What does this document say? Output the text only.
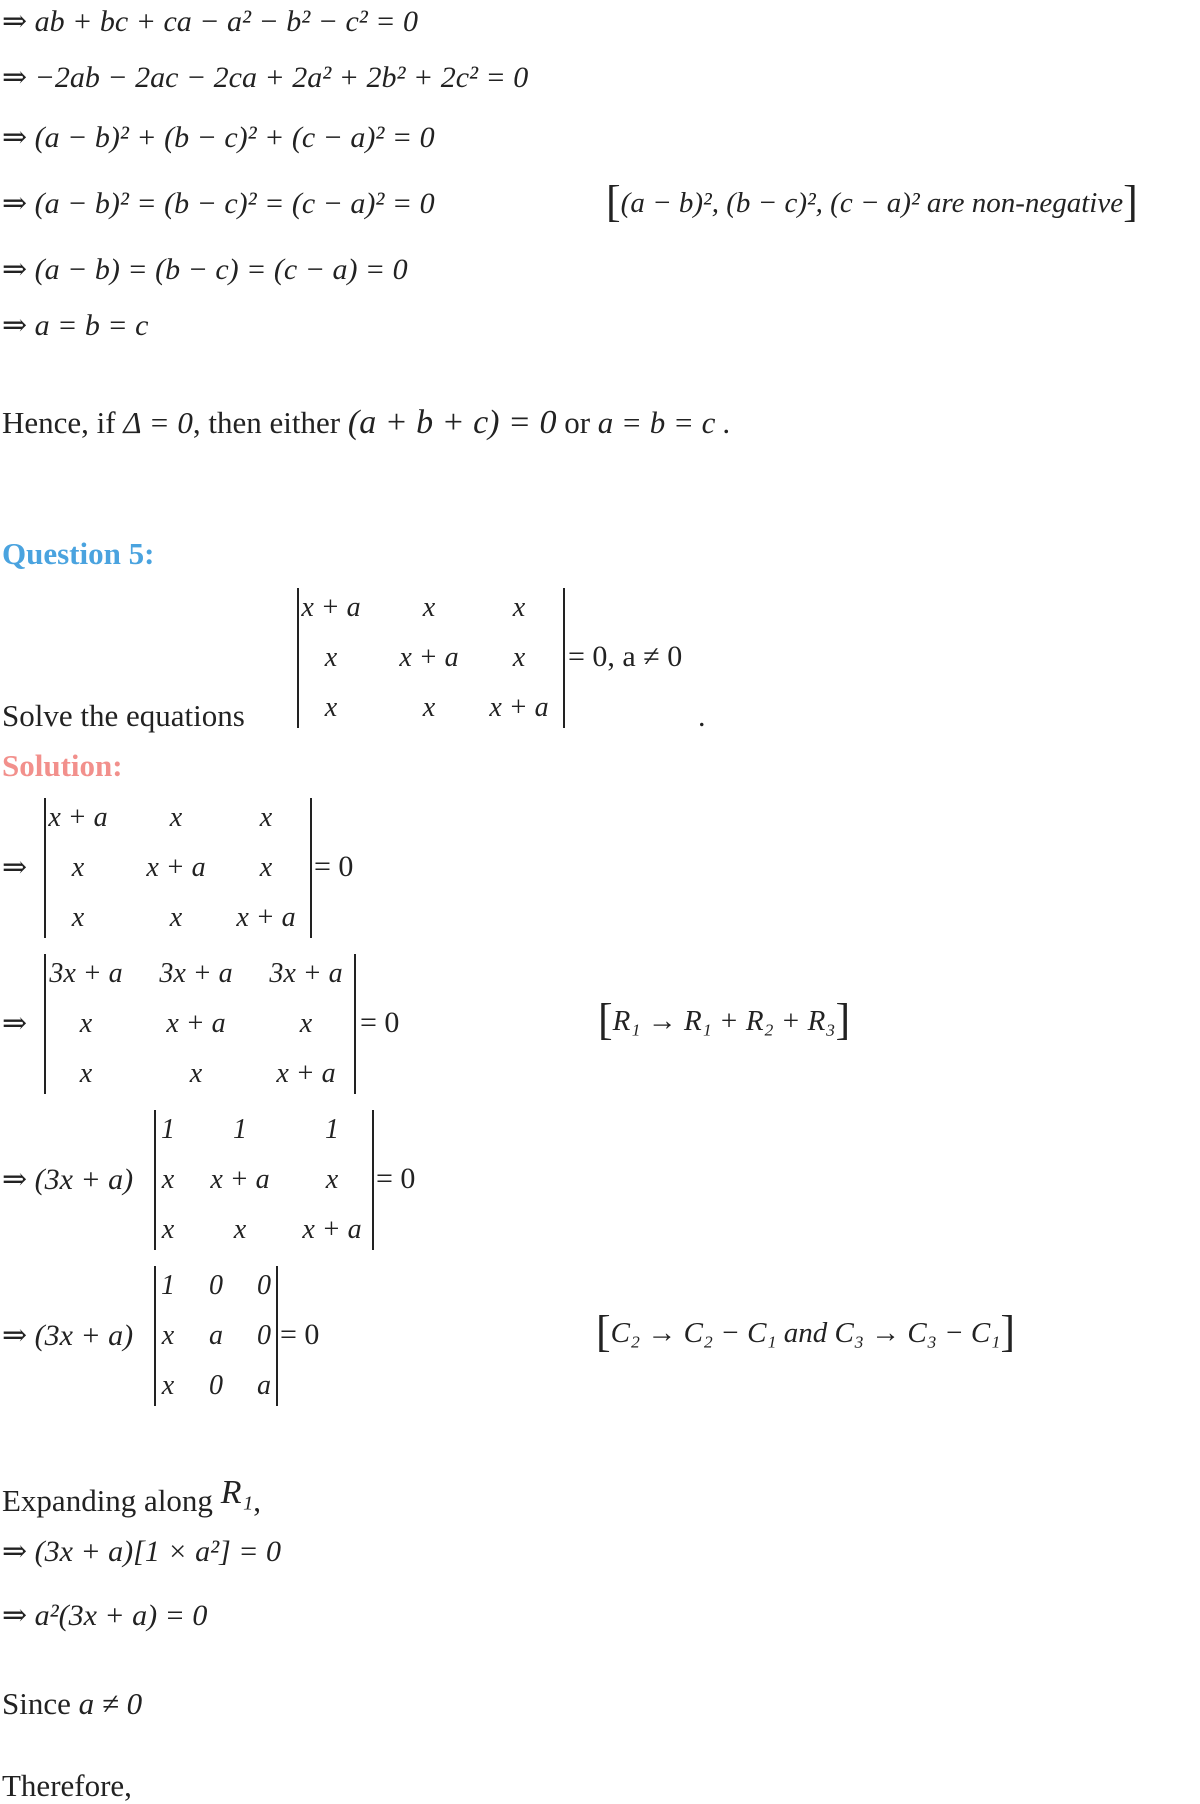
⇒ ab + bc + ca − a² − b² − c² = 0
⇒ −2ab − 2ac − 2ca + 2a² + 2b² + 2c² = 0
⇒ (a − b)² + (b − c)² + (c − a)² = 0
⇒ (a − b)² = (b − c)² = (c − a)² = 0	[(a − b)², (b − c)², (c − a)² are non-negative]
⇒ (a − b) = (b − c) = (c − a) = 0
⇒ a = b = c
Hence, if Δ = 0, then either (a + b + c) = 0 or a = b = c .
Question 5:
Solve the equations
x + a	x	x
x	x + a	x
x	x	x + a
= 0, a ≠ 0
.
Solution:
⇒
x + a	x	x
x	x + a	x
x	x	x + a
= 0
⇒
3x + a	3x + a	3x + a
x	x + a	x
x	x	x + a
= 0	[R₁ → R₁ + R₂ + R₃]
⇒ (3x + a)
1	1	1
x	x + a	x
x	x	x + a
= 0
⇒ (3x + a)
1	0	0
x	a	0
x	0	a
= 0	[C₂ → C₂ − C₁ and C₃ → C₃ − C₁]
Expanding along R₁,
⇒ (3x + a)[1 × a²] = 0
⇒ a²(3x + a) = 0
Since a ≠ 0
Therefore,
